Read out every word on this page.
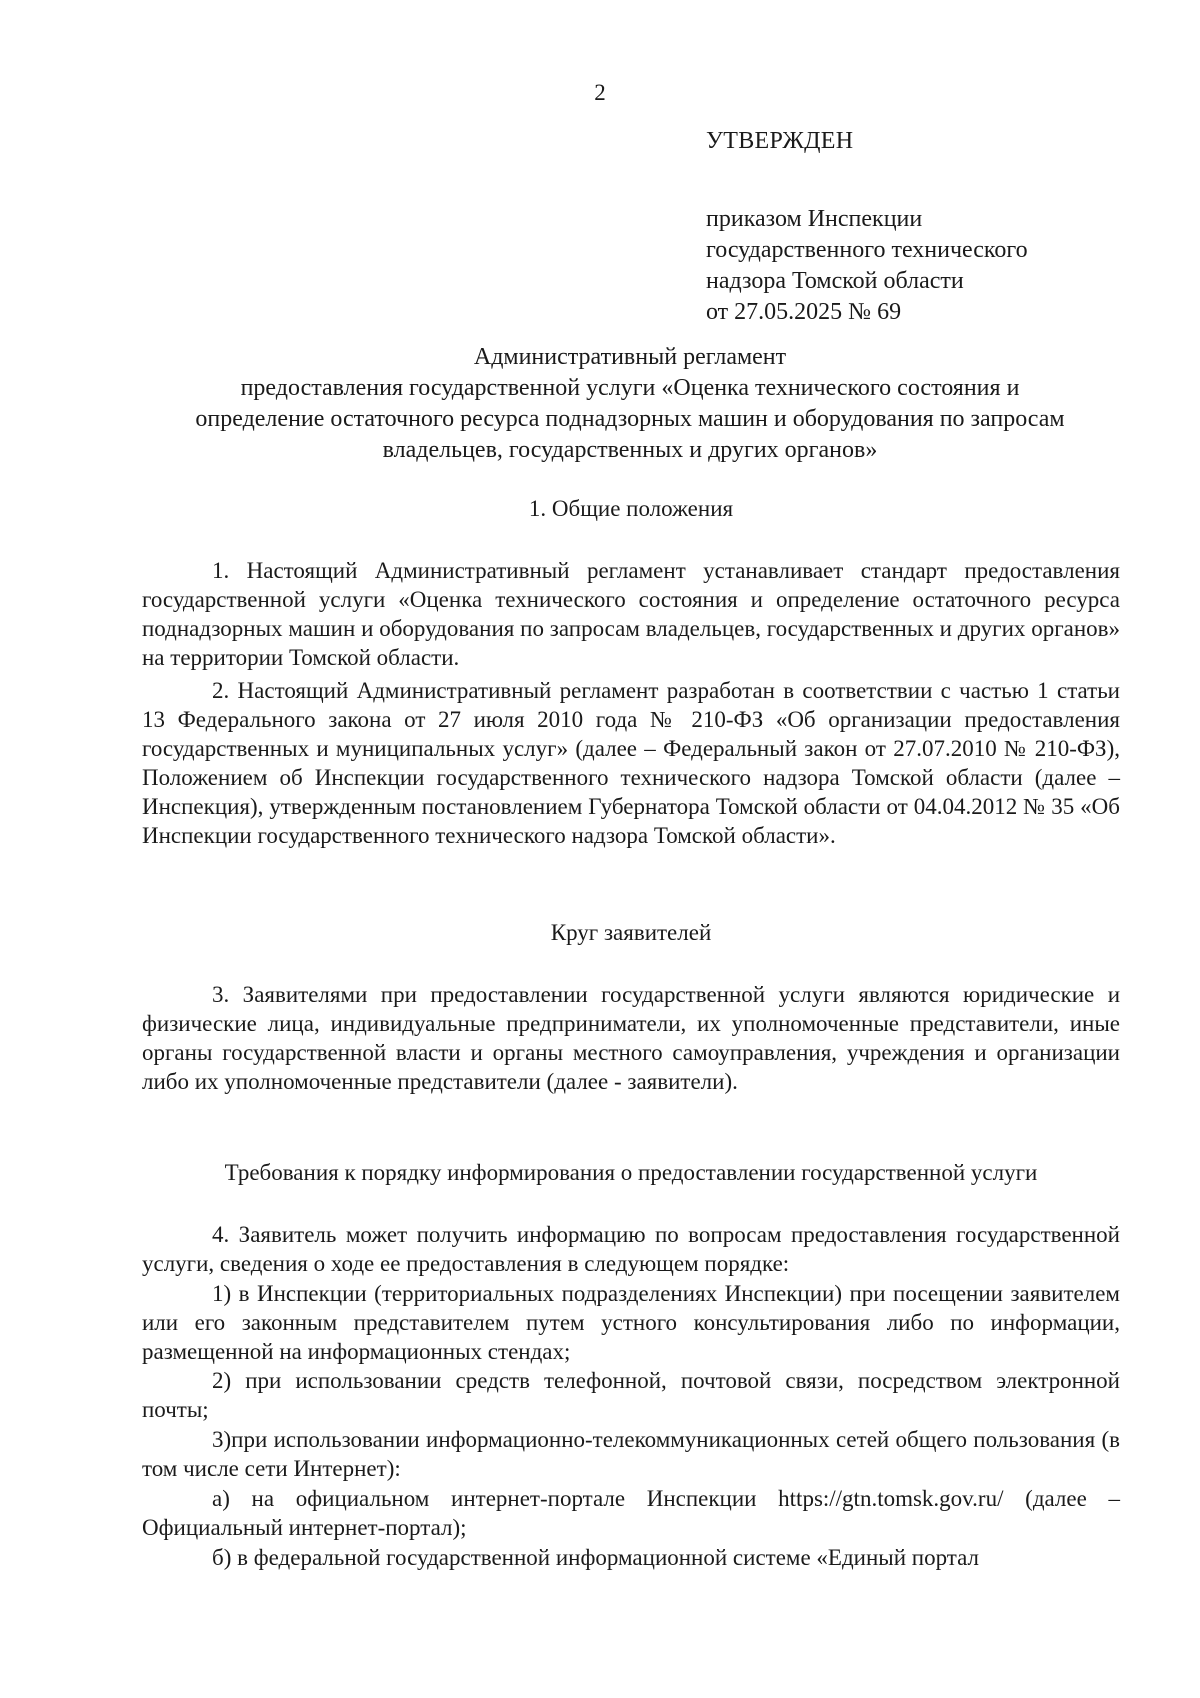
2
УТВЕРЖДЕН
приказом Инспекции
государственного технического
надзора Томской области
от 27.05.2025 № 69
Административный регламент
предоставления государственной услуги «Оценка технического состояния и
определение остаточного ресурса поднадзорных машин и оборудования по запросам
владельцев, государственных и других органов»
1. Общие положения

1. Настоящий Административный регламент устанавливает стандарт предоставления государственной услуги «Оценка технического состояния и определение остаточного ресурса поднадзорных машин и оборудования по запросам владельцев, государственных и других органов» на территории Томской области.

2. Настоящий Административный регламент разработан в соответствии с частью 1 статьи 13 Федерального закона от 27 июля 2010 года № 210-ФЗ «Об организации предоставления государственных и муниципальных услуг» (далее – Федеральный закон от 27.07.2010 № 210-ФЗ), Положением об Инспекции государственного технического надзора Томской области (далее – Инспекция), утвержденным постановлением Губернатора Томской области от 04.04.2012 № 35 «Об Инспекции государственного технического надзора Томской области».

Круг заявителей

3. Заявителями при предоставлении государственной услуги являются юридические и физические лица, индивидуальные предприниматели, их уполномоченные представители, иные органы государственной власти и органы местного самоуправления, учреждения и организации либо их уполномоченные представители (далее - заявители).

Требования к порядку информирования о предоставлении государственной услуги

4. Заявитель может получить информацию по вопросам предоставления государственной услуги, сведения о ходе ее предоставления в следующем порядке:

1) в Инспекции (территориальных подразделениях Инспекции) при посещении заявителем или его законным представителем путем устного консультирования либо по информации, размещенной на информационных стендах;

2) при использовании средств телефонной, почтовой связи, посредством электронной почты;

3)при использовании информационно-телекоммуникационных сетей общего пользования (в том числе сети Интернет):

а) на официальном интернет-портале Инспекции https://gtn.tomsk.gov.ru/ (далее – Официальный интернет-портал);

б) в федеральной государственной информационной системе «Единый портал
